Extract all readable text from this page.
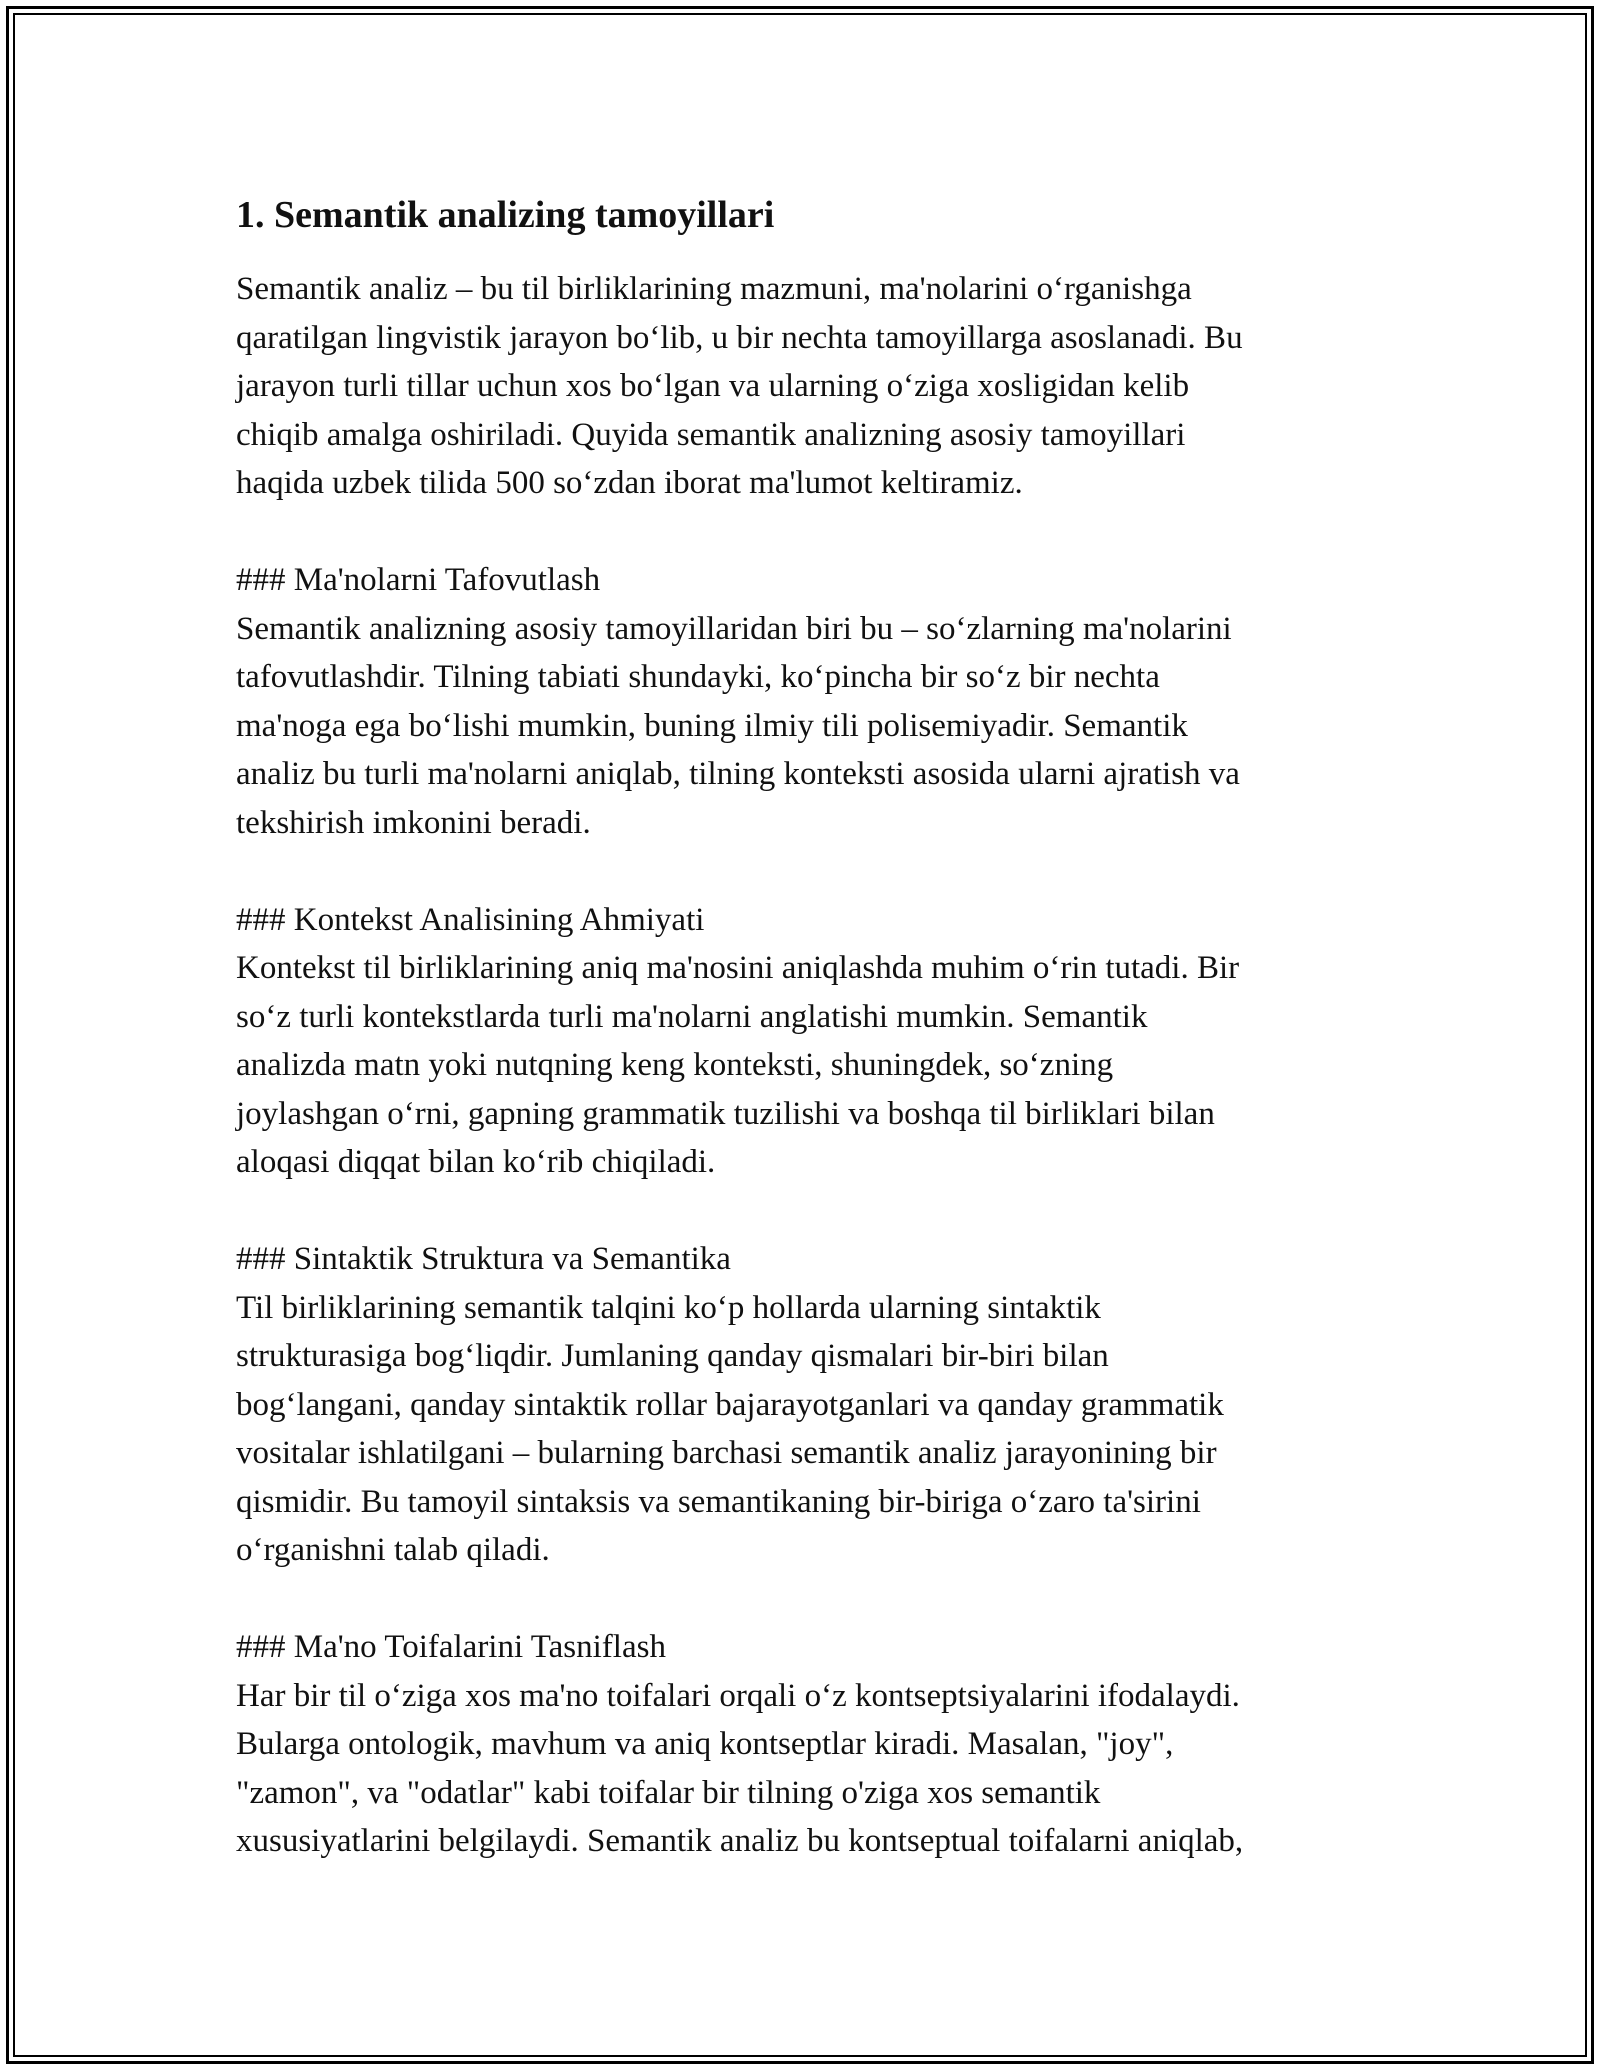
1. Semantik analizing tamoyillari
Semantik analiz – bu til birliklarining mazmuni, ma'nolarini o‘rganishga
qaratilgan lingvistik jarayon bo‘lib, u bir nechta tamoyillarga asoslanadi. Bu
jarayon turli tillar uchun xos bo‘lgan va ularning o‘ziga xosligidan kelib
chiqib amalga oshiriladi. Quyida semantik analizning asosiy tamoyillari
haqida uzbek tilida 500 so‘zdan iborat ma'lumot keltiramiz.
### Ma'nolarni Tafovutlash
Semantik analizning asosiy tamoyillaridan biri bu – so‘zlarning ma'nolarini
tafovutlashdir. Tilning tabiati shundayki, ko‘pincha bir so‘z bir nechta
ma'noga ega bo‘lishi mumkin, buning ilmiy tili polisemiyadir. Semantik
analiz bu turli ma'nolarni aniqlab, tilning konteksti asosida ularni ajratish va
tekshirish imkonini beradi.
### Kontekst Analisining Ahmiyati
Kontekst til birliklarining aniq ma'nosini aniqlashda muhim o‘rin tutadi. Bir
so‘z turli kontekstlarda turli ma'nolarni anglatishi mumkin. Semantik
analizda matn yoki nutqning keng konteksti, shuningdek, so‘zning
joylashgan o‘rni, gapning grammatik tuzilishi va boshqa til birliklari bilan
aloqasi diqqat bilan ko‘rib chiqiladi.
### Sintaktik Struktura va Semantika
Til birliklarining semantik talqini ko‘p hollarda ularning sintaktik
strukturasiga bog‘liqdir. Jumlaning qanday qismalari bir-biri bilan
bog‘langani, qanday sintaktik rollar bajarayotganlari va qanday grammatik
vositalar ishlatilgani – bularning barchasi semantik analiz jarayonining bir
qismidir. Bu tamoyil sintaksis va semantikaning bir-biriga o‘zaro ta'sirini
o‘rganishni talab qiladi.
### Ma'no Toifalarini Tasniflash
Har bir til o‘ziga xos ma'no toifalari orqali o‘z kontseptsiyalarini ifodalaydi.
Bularga ontologik, mavhum va aniq kontseptlar kiradi. Masalan, "joy",
"zamon", va "odatlar" kabi toifalar bir tilning o'ziga xos semantik
xususiyatlarini belgilaydi. Semantik analiz bu kontseptual toifalarni aniqlab,
